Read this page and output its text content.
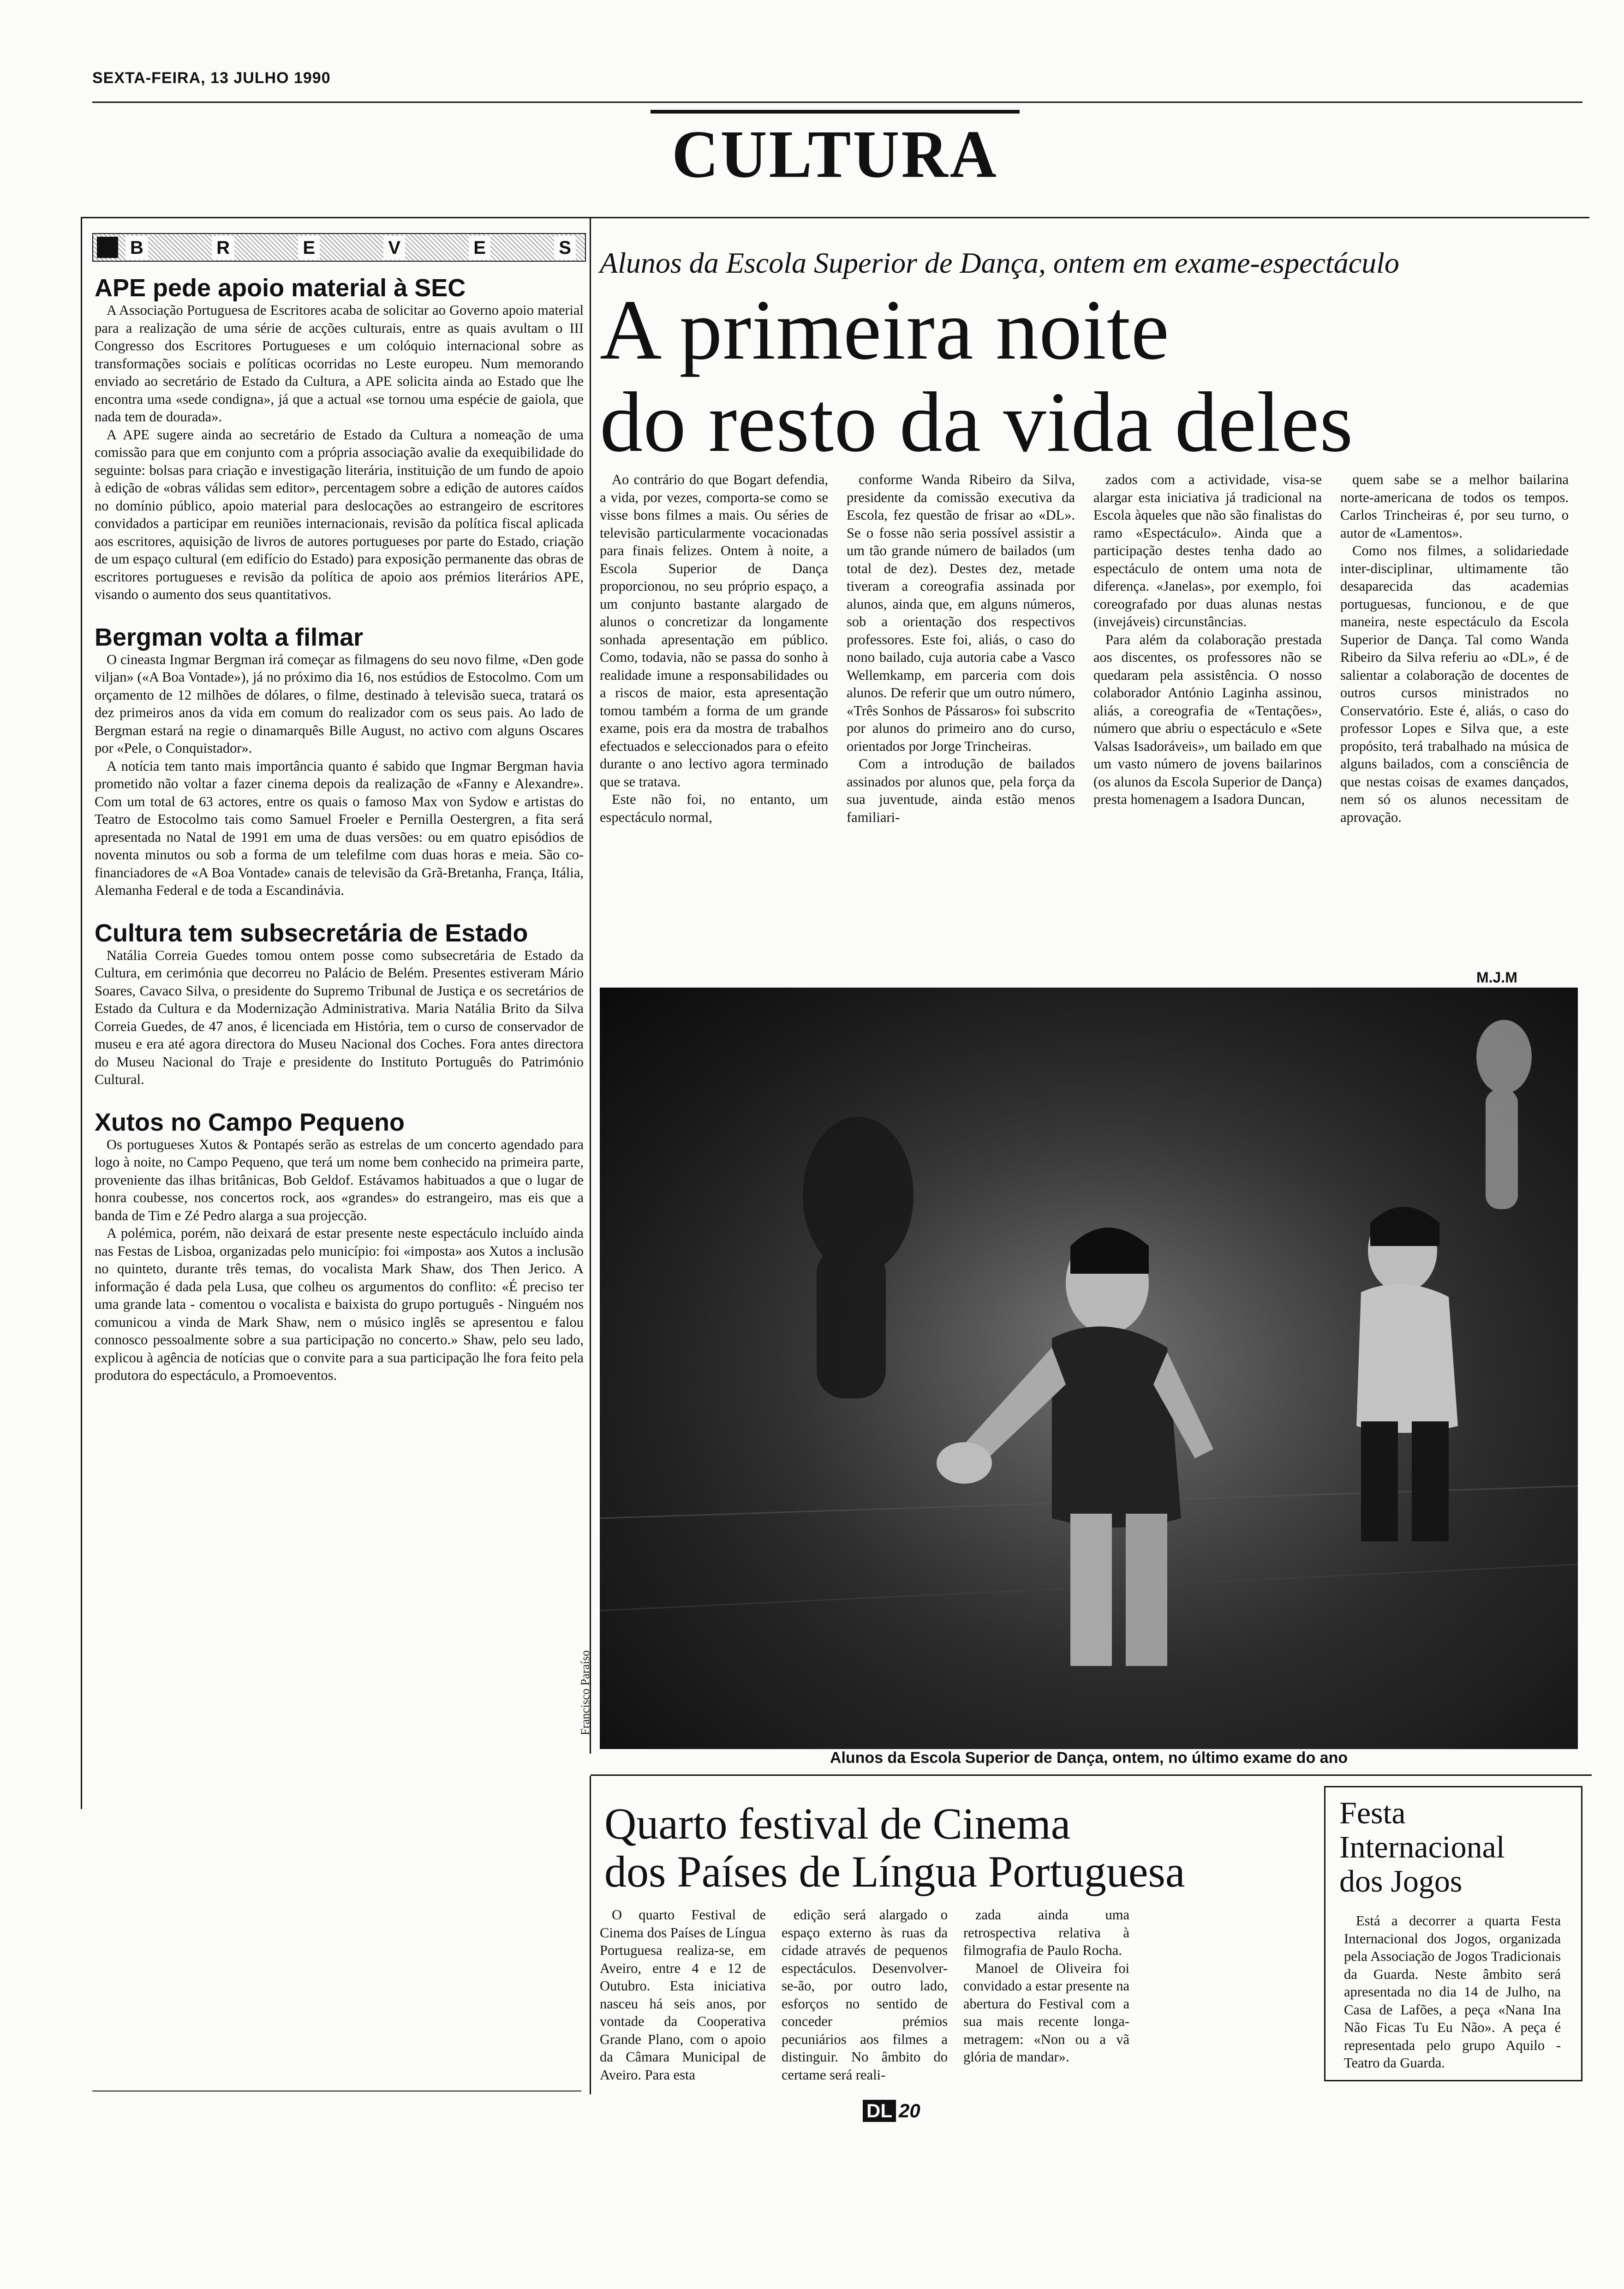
SEXTA-FEIRA, 13 JULHO 1990
CULTURA
B	R	E	V	E	S
APE pede apoio material à SEC

A Associação Portuguesa de Escritores acaba de solicitar ao Governo apoio material para a realização de uma série de acções culturais, entre as quais avultam o III Congresso dos Escritores Portugueses e um colóquio internacional sobre as transformações sociais e políticas ocorridas no Leste europeu. Num memorando enviado ao secretário de Estado da Cultura, a APE solicita ainda ao Estado que lhe encontra uma «sede condigna», já que a actual «se tornou uma espécie de gaiola, que nada tem de dourada».

A APE sugere ainda ao secretário de Estado da Cultura a nomeação de uma comissão para que em conjunto com a própria associação avalie da exequibilidade do seguinte: bolsas para criação e investigação literária, instituição de um fundo de apoio à edição de «obras válidas sem editor», percentagem sobre a edição de autores caídos no domínio público, apoio material para deslocações ao estrangeiro de escritores convidados a participar em reuniões internacionais, revisão da política fiscal aplicada aos escritores, aquisição de livros de autores portugueses por parte do Estado, criação de um espaço cultural (em edifício do Estado) para exposição permanente das obras de escritores portugueses e revisão da política de apoio aos prémios literários APE, visando o aumento dos seus quantitativos.

Bergman volta a filmar

O cineasta Ingmar Bergman irá começar as filmagens do seu novo filme, «Den gode viljan» («A Boa Vontade»), já no próximo dia 16, nos estúdios de Estocolmo. Com um orçamento de 12 milhões de dólares, o filme, destinado à televisão sueca, tratará os dez primeiros anos da vida em comum do realizador com os seus pais. Ao lado de Bergman estará na regie o dinamarquês Bille August, no activo com alguns Oscares por «Pele, o Conquistador».

A notícia tem tanto mais importância quanto é sabido que Ingmar Bergman havia prometido não voltar a fazer cinema depois da realização de «Fanny e Alexandre». Com um total de 63 actores, entre os quais o famoso Max von Sydow e artistas do Teatro de Estocolmo tais como Samuel Froeler e Pernilla Oestergren, a fita será apresentada no Natal de 1991 em uma de duas versões: ou em quatro episódios de noventa minutos ou sob a forma de um telefilme com duas horas e meia. São co-financiadores de «A Boa Vontade» canais de televisão da Grã-Bretanha, França, Itália, Alemanha Federal e de toda a Escandinávia.

Cultura tem subsecretária de Estado

Natália Correia Guedes tomou ontem posse como subsecretária de Estado da Cultura, em cerimónia que decorreu no Palácio de Belém. Presentes estiveram Mário Soares, Cavaco Silva, o presidente do Supremo Tribunal de Justiça e os secretários de Estado da Cultura e da Modernização Administrativa. Maria Natália Brito da Silva Correia Guedes, de 47 anos, é licenciada em História, tem o curso de conservador de museu e era até agora directora do Museu Nacional dos Coches. Fora antes directora do Museu Nacional do Traje e presidente do Instituto Português do Património Cultural.

Xutos no Campo Pequeno

Os portugueses Xutos & Pontapés serão as estrelas de um concerto agendado para logo à noite, no Campo Pequeno, que terá um nome bem conhecido na primeira parte, proveniente das ilhas britânicas, Bob Geldof. Estávamos habituados a que o lugar de honra coubesse, nos concertos rock, aos «grandes» do estrangeiro, mas eis que a banda de Tim e Zé Pedro alarga a sua projecção.

A polémica, porém, não deixará de estar presente neste espectáculo incluído ainda nas Festas de Lisboa, organizadas pelo município: foi «imposta» aos Xutos a inclusão no quinteto, durante três temas, do vocalista Mark Shaw, dos Then Jerico. A informação é dada pela Lusa, que colheu os argumentos do conflito: «É preciso ter uma grande lata - comentou o vocalista e baixista do grupo português - Ninguém nos comunicou a vinda de Mark Shaw, nem o músico inglês se apresentou e falou connosco pessoalmente sobre a sua participação no concerto.» Shaw, pelo seu lado, explicou à agência de notícias que o convite para a sua participação lhe fora feito pela produtora do espectáculo, a Promoeventos.

Alunos da Escola Superior de Dança, ontem em exame-espectáculo
A primeira noite
do resto da vida deles

Ao contrário do que Bogart defendia, a vida, por vezes, comporta-se como se visse bons filmes a mais. Ou séries de televisão particularmente vocacionadas para finais felizes. Ontem à noite, a Escola Superior de Dança proporcionou, no seu próprio espaço, a um conjunto bastante alargado de alunos o concretizar da longamente sonhada apresentação em público. Como, todavia, não se passa do sonho à realidade imune a responsabilidades ou a riscos de maior, esta apresentação tomou também a forma de um grande exame, pois era da mostra de trabalhos efectuados e seleccionados para o efeito durante o ano lectivo agora terminado que se tratava.

Este não foi, no entanto, um espectáculo normal,

conforme Wanda Ribeiro da Silva, presidente da comissão executiva da Escola, fez questão de frisar ao «DL». Se o fosse não seria possível assistir a um tão grande número de bailados (um total de dez). Destes dez, metade tiveram a coreografia assinada por alunos, ainda que, em alguns números, sob a orientação dos respectivos professores. Este foi, aliás, o caso do nono bailado, cuja autoria cabe a Vasco Wellemkamp, em parceria com dois alunos. De referir que um outro número, «Três Sonhos de Pássaros» foi subscrito por alunos do primeiro ano do curso, orientados por Jorge Trincheiras.

Com a introdução de bailados assinados por alunos que, pela força da sua juventude, ainda estão menos familiari-

zados com a actividade, visa-se alargar esta iniciativa já tradicional na Escola àqueles que não são finalistas do ramo «Espectáculo». Ainda que a participação destes tenha dado ao espectáculo de ontem uma nota de diferença. «Janelas», por exemplo, foi coreografado por duas alunas nestas (invejáveis) circunstâncias.

Para além da colaboração prestada aos discentes, os professores não se quedaram pela assistência. O nosso colaborador António Laginha assinou, aliás, a coreografia de «Tentações», número que abriu o espectáculo e «Sete Valsas Isadoráveis», um bailado em que um vasto número de jovens bailarinos (os alunos da Escola Superior de Dança) presta homenagem a Isadora Duncan,

quem sabe se a melhor bailarina norte-americana de todos os tempos. Carlos Trincheiras é, por seu turno, o autor de «Lamentos».

Como nos filmes, a solidariedade inter-disciplinar, ultimamente tão desaparecida das academias portuguesas, funcionou, e de que maneira, neste espectáculo da Escola Superior de Dança. Tal como Wanda Ribeiro da Silva referiu ao «DL», é de salientar a colaboração de docentes de outros cursos ministrados no Conservatório. Este é, aliás, o caso do professor Lopes e Silva que, a este propósito, terá trabalhado na música de alguns bailados, com a consciência de que nestas coisas de exames dançados, nem só os alunos necessitam de aprovação.

M.J.M
Francisco Paraíso
Alunos da Escola Superior de Dança, ontem, no último exame do ano
Quarto festival de Cinema
dos Países de Língua Portuguesa

O quarto Festival de Cinema dos Países de Língua Portuguesa realiza-se, em Aveiro, entre 4 e 12 de Outubro. Esta iniciativa nasceu há seis anos, por vontade da Cooperativa Grande Plano, com o apoio da Câmara Municipal de Aveiro. Para esta

edição será alargado o espaço externo às ruas da cidade através de pequenos espectáculos. Desenvolver-se-ão, por outro lado, esforços no sentido de conceder prémios pecuniários aos filmes a distinguir. No âmbito do certame será reali-

zada ainda uma retrospectiva relativa à filmografia de Paulo Rocha.

Manoel de Oliveira foi convidado a estar presente na abertura do Festival com a sua mais recente longa-metragem: «Non ou a vã glória de mandar».

Festa
Internacional
dos Jogos

Está a decorrer a quarta Festa Internacional dos Jogos, organizada pela Associação de Jogos Tradicionais da Guarda. Neste âmbito será apresentada no dia 14 de Julho, na Casa de Lafões, a peça «Nana Ina Não Ficas Tu Eu Não». A peça é representada pelo grupo Aquilo - Teatro da Guarda.

DL 20
